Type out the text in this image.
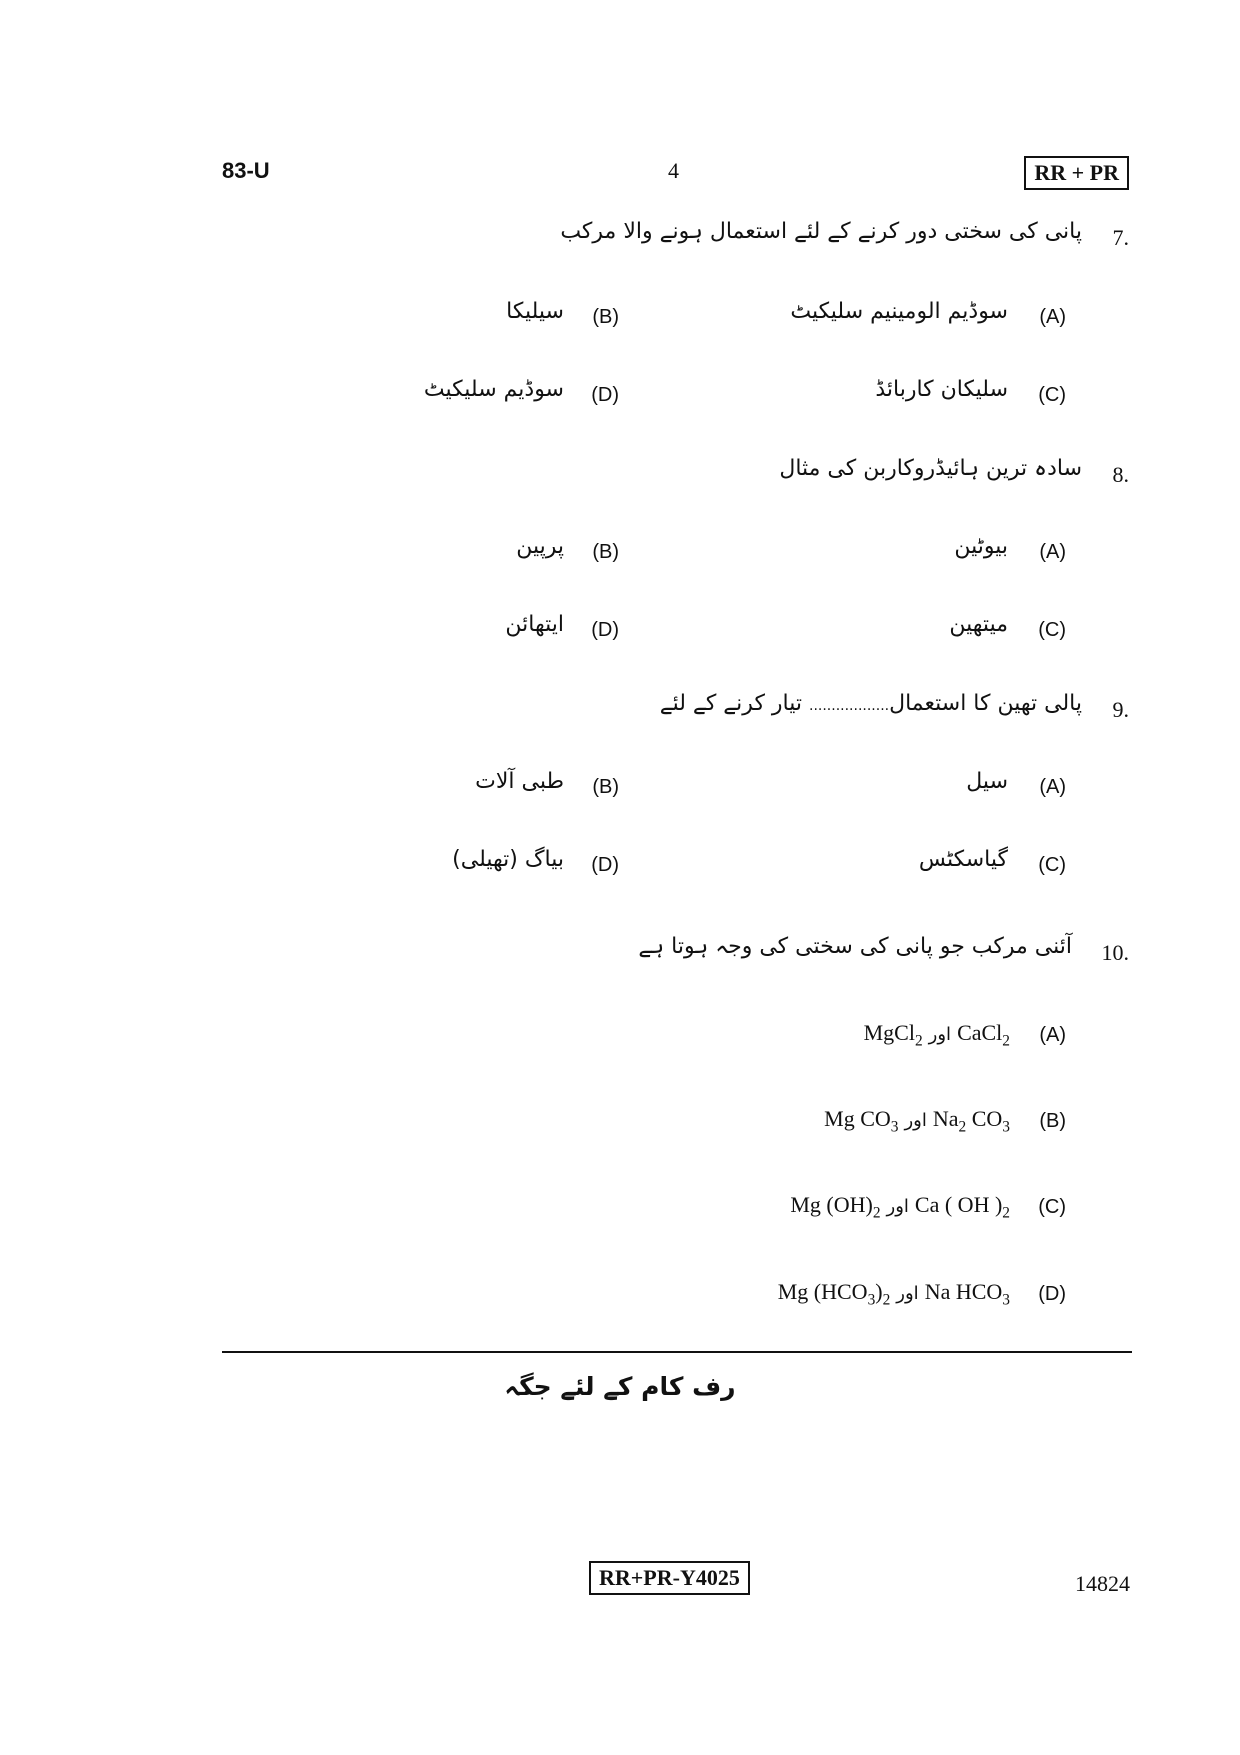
83-U	4	RR + PR
7.
پانی کی سختی دور کرنے کے لئے استعمال ہونے والا مرکب
(A)
سوڈیم الومینیم سلیکیٹ
(B)
سیلیکا
(C)
سلیکان کاربائڈ
(D)
سوڈیم سلیکیٹ
8.
سادہ ترین ہائیڈروکاربن کی مثال
(A)
بیوٹین
(B)
پرپین
(C)
میتھین
(D)
ایتھائن
9.
پالی تھین کا استعمال.................. تیار کرنے کے لئے
(A)
سیل
(B)
طبی آلات
(C)
گیاسکٹس
(D)
بیاگ (تھیلی)
10.
آئنی مرکب جو پانی کی سختی کی وجہ ہوتا ہے
(A)
MgCl$_2$ اور CaCl$_2$
(B)
Mg $CO_3$ اور $Na_2$ $CO_3$
(C)
Mg $(OH)_2$ اور Ca ( OH )$_2$
(D)
Mg $(HCO_3)_2$ اور Na $HCO_3$
رف کام کے لئے جگہ
RR+PR-Y4025	14824
